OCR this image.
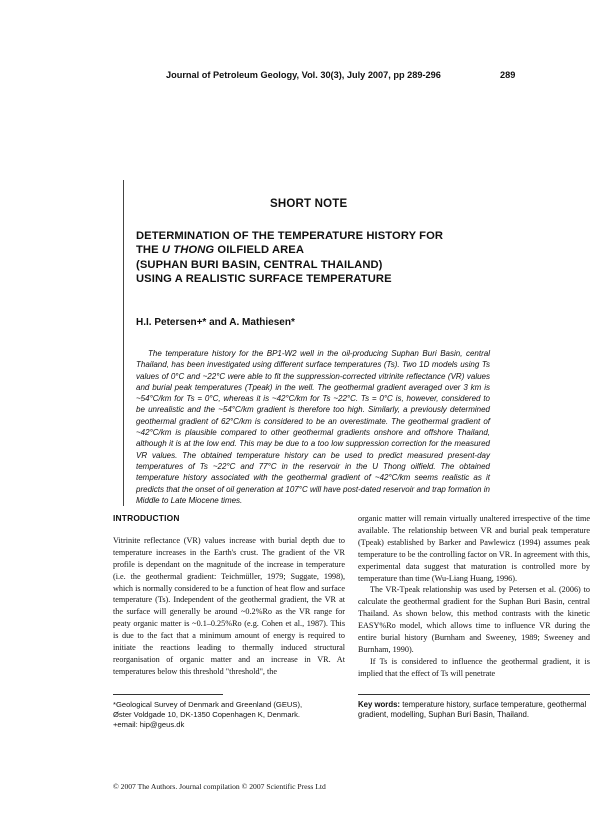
Journal of Petroleum Geology, Vol. 30(3), July 2007, pp 289-296	289
SHORT NOTE
DETERMINATION OF THE TEMPERATURE HISTORY FOR
THE U THONG OILFIELD AREA
(SUPHAN BURI BASIN, CENTRAL THAILAND)
USING A REALISTIC SURFACE TEMPERATURE
H.I. Petersen+* and A. Mathiesen*

The temperature history for the BP1-W2 well in the oil-producing Suphan Buri Basin, central Thailand, has been investigated using different surface temperatures (Ts). Two 1D models using Ts values of 0°C and ~22°C were able to fit the suppression-corrected vitrinite reflectance (VR) values and burial peak temperatures (Tpeak) in the well. The geothermal gradient averaged over 3 km is ~54°C/km for Ts = 0°C, whereas it is ~42°C/km for Ts ~22°C. Ts = 0°C is, however, considered to be unrealistic and the ~54°C/km gradient is therefore too high. Similarly, a previously determined geothermal gradient of 62°C/km is considered to be an overestimate. The geothermal gradient of ~42°C/km is plausible compared to other geothermal gradients onshore and offshore Thailand, although it is at the low end. This may be due to a too low suppression correction for the measured VR values. The obtained temperature history can be used to predict measured present-day temperatures of Ts ~22°C and 77°C in the reservoir in the U Thong oilfield. The obtained temperature history associated with the geothermal gradient of ~42°C/km seems realistic as it predicts that the onset of oil generation at 107°C will have post-dated reservoir and trap formation in Middle to Late Miocene times.

INTRODUCTION

Vitrinite reflectance (VR) values increase with burial depth due to temperature increases in the Earth's crust. The gradient of the VR profile is dependant on the magnitude of the increase in temperature (i.e. the geothermal gradient: Teichmüller, 1979; Suggate, 1998), which is normally considered to be a function of heat flow and surface temperature (Ts). Independent of the geothermal gradient, the VR at the surface will generally be around ~0.2%Ro as the VR range for peaty organic matter is ~0.1–0.25%Ro (e.g. Cohen et al., 1987). This is due to the fact that a minimum amount of energy is required to initiate the reactions leading to thermally induced structural reorganisation of organic matter and an increase in VR. At temperatures below this threshold "threshold", the

organic matter will remain virtually unaltered irrespective of the time available. The relationship between VR and burial peak temperature (Tpeak) established by Barker and Pawlewicz (1994) assumes peak temperature to be the controlling factor on VR. In agreement with this, experimental data suggest that maturation is controlled more by temperature than time (Wu-Liang Huang, 1996).

The VR-Tpeak relationship was used by Petersen et al. (2006) to calculate the geothermal gradient for the Suphan Buri Basin, central Thailand. As shown below, this method contrasts with the kinetic EASY%Ro model, which allows time to influence VR during the entire burial history (Burnham and Sweeney, 1989; Sweeney and Burnham, 1990).

If Ts is considered to influence the geothermal gradient, it is implied that the effect of Ts will penetrate

*Geological Survey of Denmark and Greenland (GEUS),
Øster Voldgade 10, DK-1350 Copenhagen K, Denmark.
+email: hip@geus.dk
Key words: temperature history, surface temperature, geothermal gradient, modelling, Suphan Buri Basin, Thailand.
© 2007 The Authors. Journal compilation © 2007 Scientific Press Ltd
